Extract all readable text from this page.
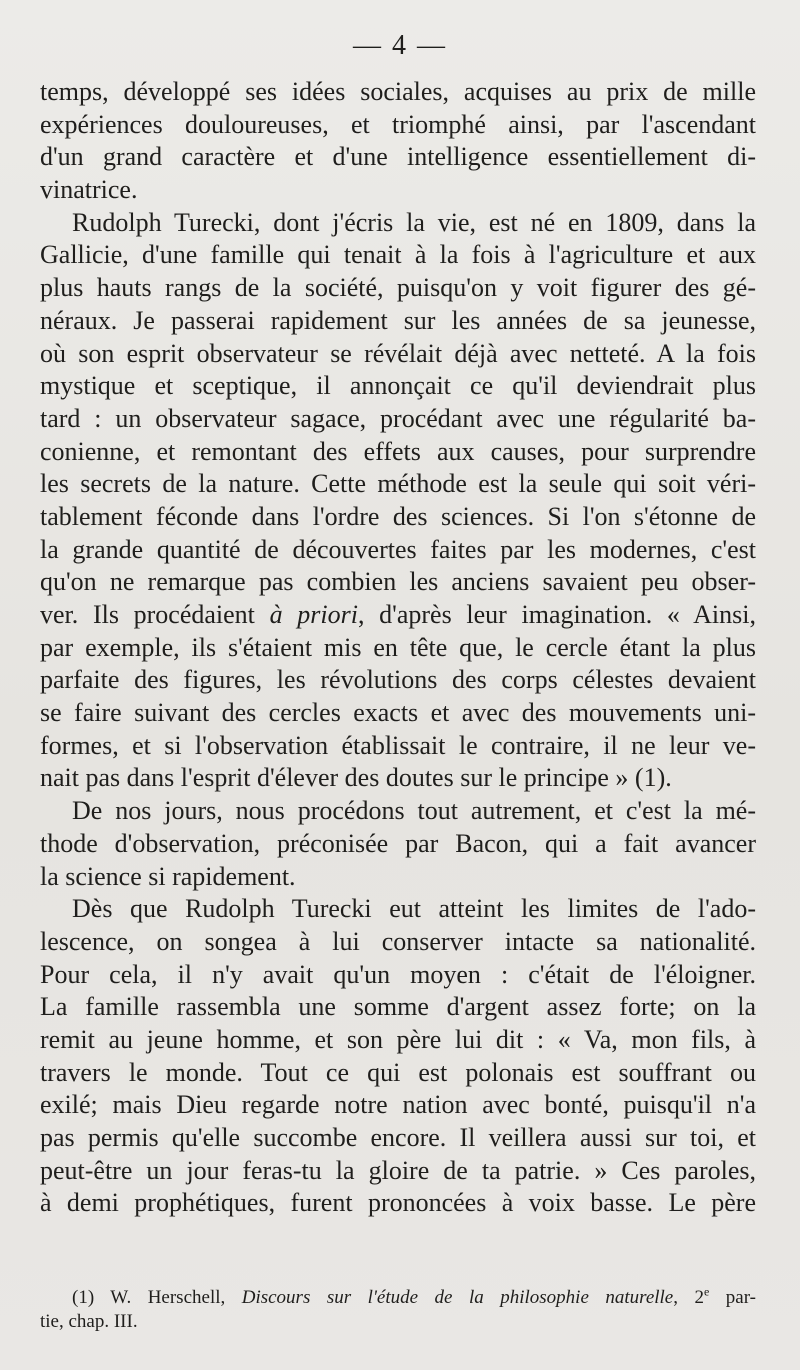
— 4 —
temps, développé ses idées sociales, acquises au prix de mille
expériences douloureuses, et triomphé ainsi, par l'ascendant
d'un grand caractère et d'une intelligence essentiellement di-
vinatrice.
Rudolph Turecki, dont j'écris la vie, est né en 1809, dans la
Gallicie, d'une famille qui tenait à la fois à l'agriculture et aux
plus hauts rangs de la société, puisqu'on y voit figurer des gé-
néraux. Je passerai rapidement sur les années de sa jeunesse,
où son esprit observateur se révélait déjà avec netteté. A la fois
mystique et sceptique, il annonçait ce qu'il deviendrait plus
tard : un observateur sagace, procédant avec une régularité ba-
conienne, et remontant des effets aux causes, pour surprendre
les secrets de la nature. Cette méthode est la seule qui soit véri-
tablement féconde dans l'ordre des sciences. Si l'on s'étonne de
la grande quantité de découvertes faites par les modernes, c'est
qu'on ne remarque pas combien les anciens savaient peu obser-
ver. Ils procédaient à priori, d'après leur imagination. « Ainsi,
par exemple, ils s'étaient mis en tête que, le cercle étant la plus
parfaite des figures, les révolutions des corps célestes devaient
se faire suivant des cercles exacts et avec des mouvements uni-
formes, et si l'observation établissait le contraire, il ne leur ve-
nait pas dans l'esprit d'élever des doutes sur le principe » (1).
De nos jours, nous procédons tout autrement, et c'est la mé-
thode d'observation, préconisée par Bacon, qui a fait avancer
la science si rapidement.
Dès que Rudolph Turecki eut atteint les limites de l'ado-
lescence, on songea à lui conserver intacte sa nationalité.
Pour cela, il n'y avait qu'un moyen : c'était de l'éloigner.
La famille rassembla une somme d'argent assez forte; on la
remit au jeune homme, et son père lui dit : « Va, mon fils, à
travers le monde. Tout ce qui est polonais est souffrant ou
exilé; mais Dieu regarde notre nation avec bonté, puisqu'il n'a
pas permis qu'elle succombe encore. Il veillera aussi sur toi, et
peut-être un jour feras-tu la gloire de ta patrie. » Ces paroles,
à demi prophétiques, furent prononcées à voix basse. Le père
(1) W. Herschell, Discours sur l'étude de la philosophie naturelle, 2e par-
tie, chap. III.
